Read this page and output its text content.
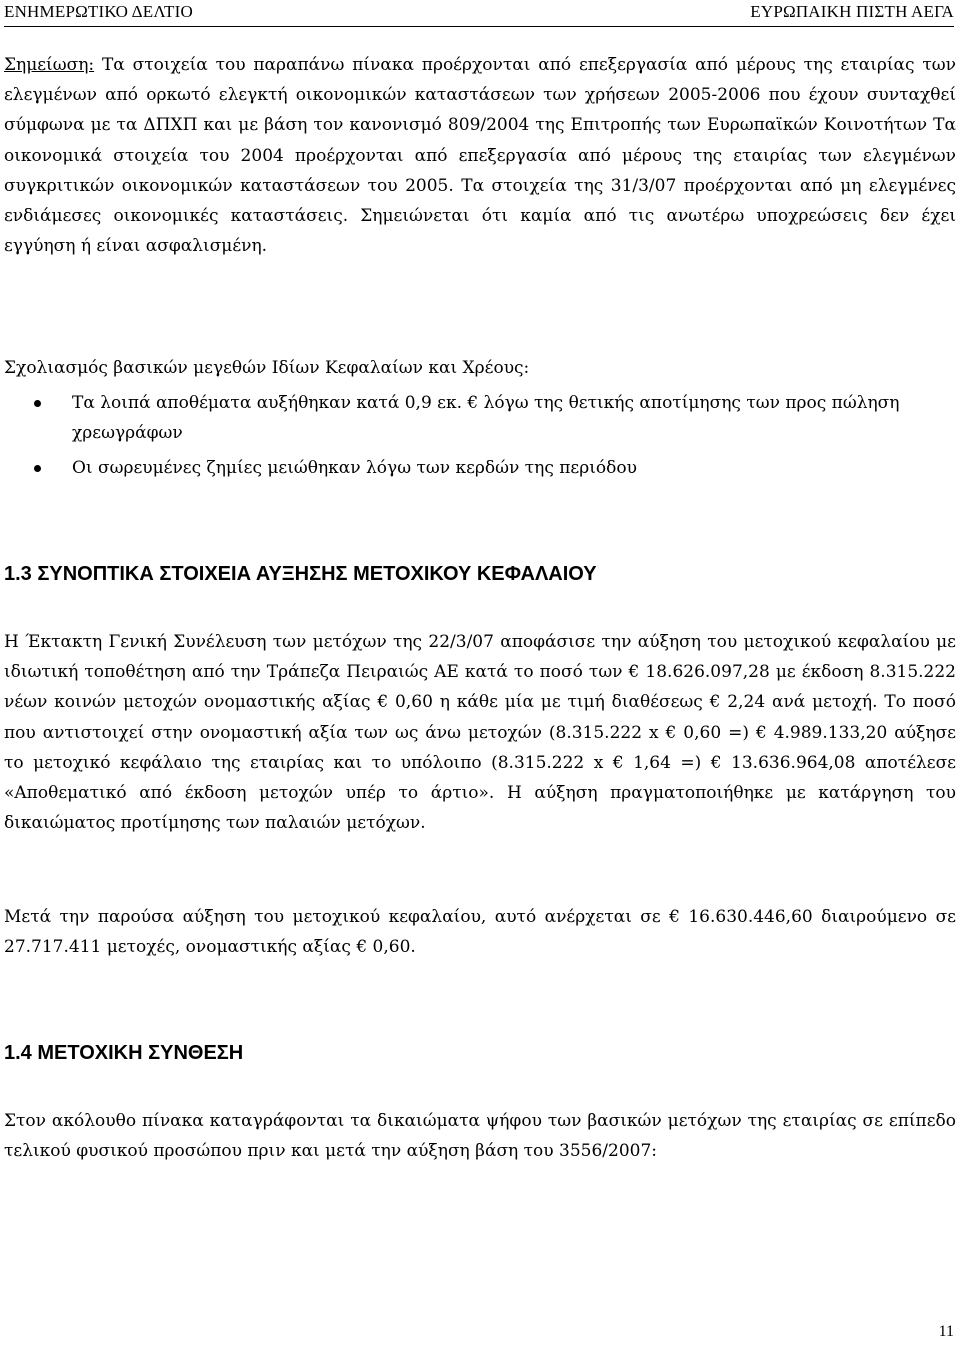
ΕΝΗΜΕΡΩΤΙΚΟ ΔΕΛΤΙΟ	ΕΥΡΩΠΑΙΚΗ ΠΙΣΤΗ ΑΕΓΑ
Σημείωση: Τα στοιχεία του παραπάνω πίνακα προέρχονται από επεξεργασία από μέρους της εταιρίας των ελεγμένων από ορκωτό ελεγκτή οικονομικών καταστάσεων των χρήσεων 2005-2006 που έχουν συνταχθεί σύμφωνα με τα ΔΠΧΠ και με βάση τον κανονισμό 809/2004 της Επιτροπής των Ευρωπαϊκών Κοινοτήτων Τα οικονομικά στοιχεία του 2004 προέρχονται από επεξεργασία από μέρους της εταιρίας των ελεγμένων συγκριτικών οικονομικών καταστάσεων του 2005. Τα στοιχεία της 31/3/07 προέρχονται από μη ελεγμένες ενδιάμεσες οικονομικές καταστάσεις. Σημειώνεται ότι καμία από τις ανωτέρω υποχρεώσεις δεν έχει εγγύηση ή είναι ασφαλισμένη.
Σχολιασμός βασικών μεγεθών Ιδίων Κεφαλαίων και Χρέους:
Τα λοιπά αποθέματα αυξήθηκαν κατά 0,9 εκ. € λόγω της θετικής αποτίμησης των προς πώληση χρεωγράφων
Οι σωρευμένες ζημίες μειώθηκαν λόγω των κερδών της περιόδου
1.3 ΣΥΝΟΠΤΙΚΑ ΣΤΟΙΧΕΙΑ ΑΥΞΗΣΗΣ ΜΕΤΟΧΙΚΟΥ ΚΕΦΑΛΑΙΟΥ
Η Έκτακτη Γενική Συνέλευση των μετόχων της 22/3/07 αποφάσισε την αύξηση του μετοχικού κεφαλαίου με ιδιωτική τοποθέτηση από την Τράπεζα Πειραιώς ΑΕ κατά το ποσό των € 18.626.097,28 με έκδοση 8.315.222 νέων κοινών μετοχών ονομαστικής αξίας € 0,60 η κάθε μία με τιμή διαθέσεως € 2,24 ανά μετοχή. Το ποσό που αντιστοιχεί στην ονομαστική αξία των ως άνω μετοχών (8.315.222 x € 0,60 =) € 4.989.133,20 αύξησε το μετοχικό κεφάλαιο της εταιρίας και το υπόλοιπο (8.315.222 x € 1,64 =) € 13.636.964,08 αποτέλεσε «Αποθεματικό από έκδοση μετοχών υπέρ το άρτιο». Η αύξηση πραγματοποιήθηκε με κατάργηση του δικαιώματος προτίμησης των παλαιών μετόχων.
Μετά την παρούσα αύξηση του μετοχικού κεφαλαίου, αυτό ανέρχεται σε € 16.630.446,60 διαιρούμενο σε 27.717.411 μετοχές, ονομαστικής αξίας € 0,60.
1.4 ΜΕΤΟΧΙΚΗ ΣΥΝΘΕΣΗ
Στον ακόλουθο πίνακα καταγράφονται τα δικαιώματα ψήφου των βασικών μετόχων της εταιρίας σε επίπεδο τελικού φυσικού προσώπου πριν και μετά την αύξηση βάση του 3556/2007:
11
